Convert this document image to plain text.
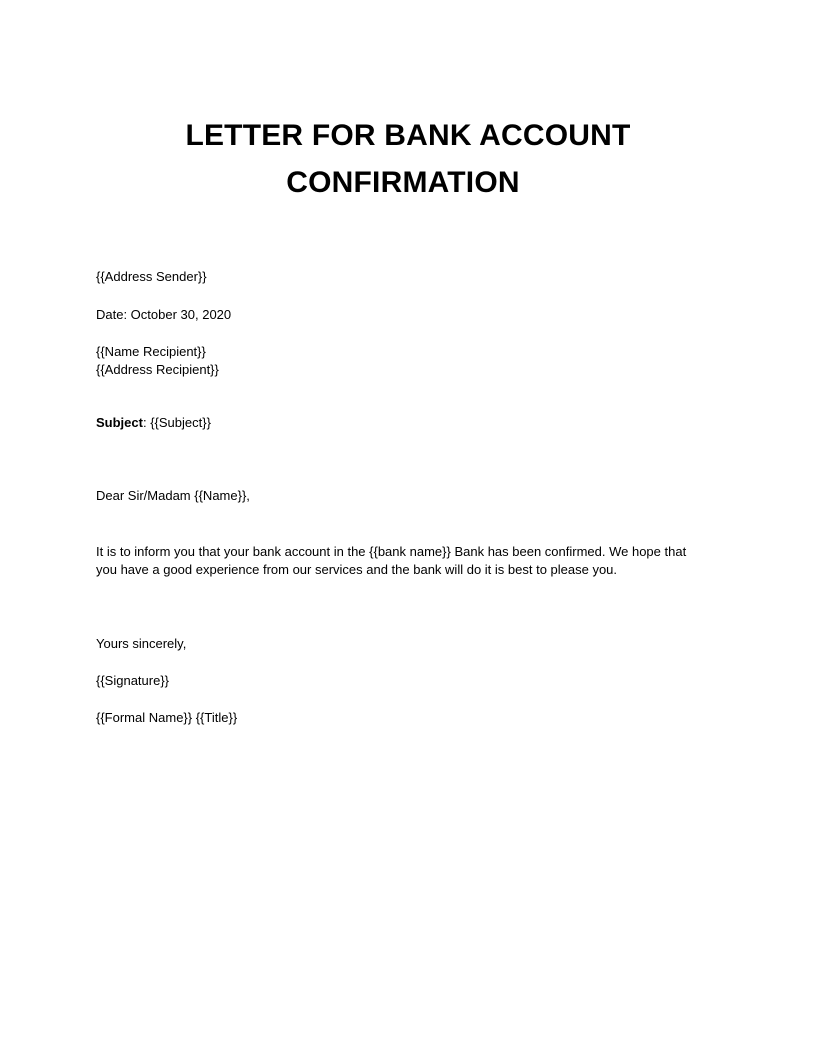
LETTER FOR BANK ACCOUNT
CONFIRMATION
{{Address Sender}}
Date: October 30, 2020
{{Name Recipient}}
{{Address Recipient}}
Subject: {{Subject}}
Dear Sir/Madam {{Name}},
It is to inform you that your bank account in the {{bank name}} Bank has been confirmed. We hope that
you have a good experience from our services and the bank will do it is best to please you.
Yours sincerely,
{{Signature}}
{{Formal Name}} {{Title}}
